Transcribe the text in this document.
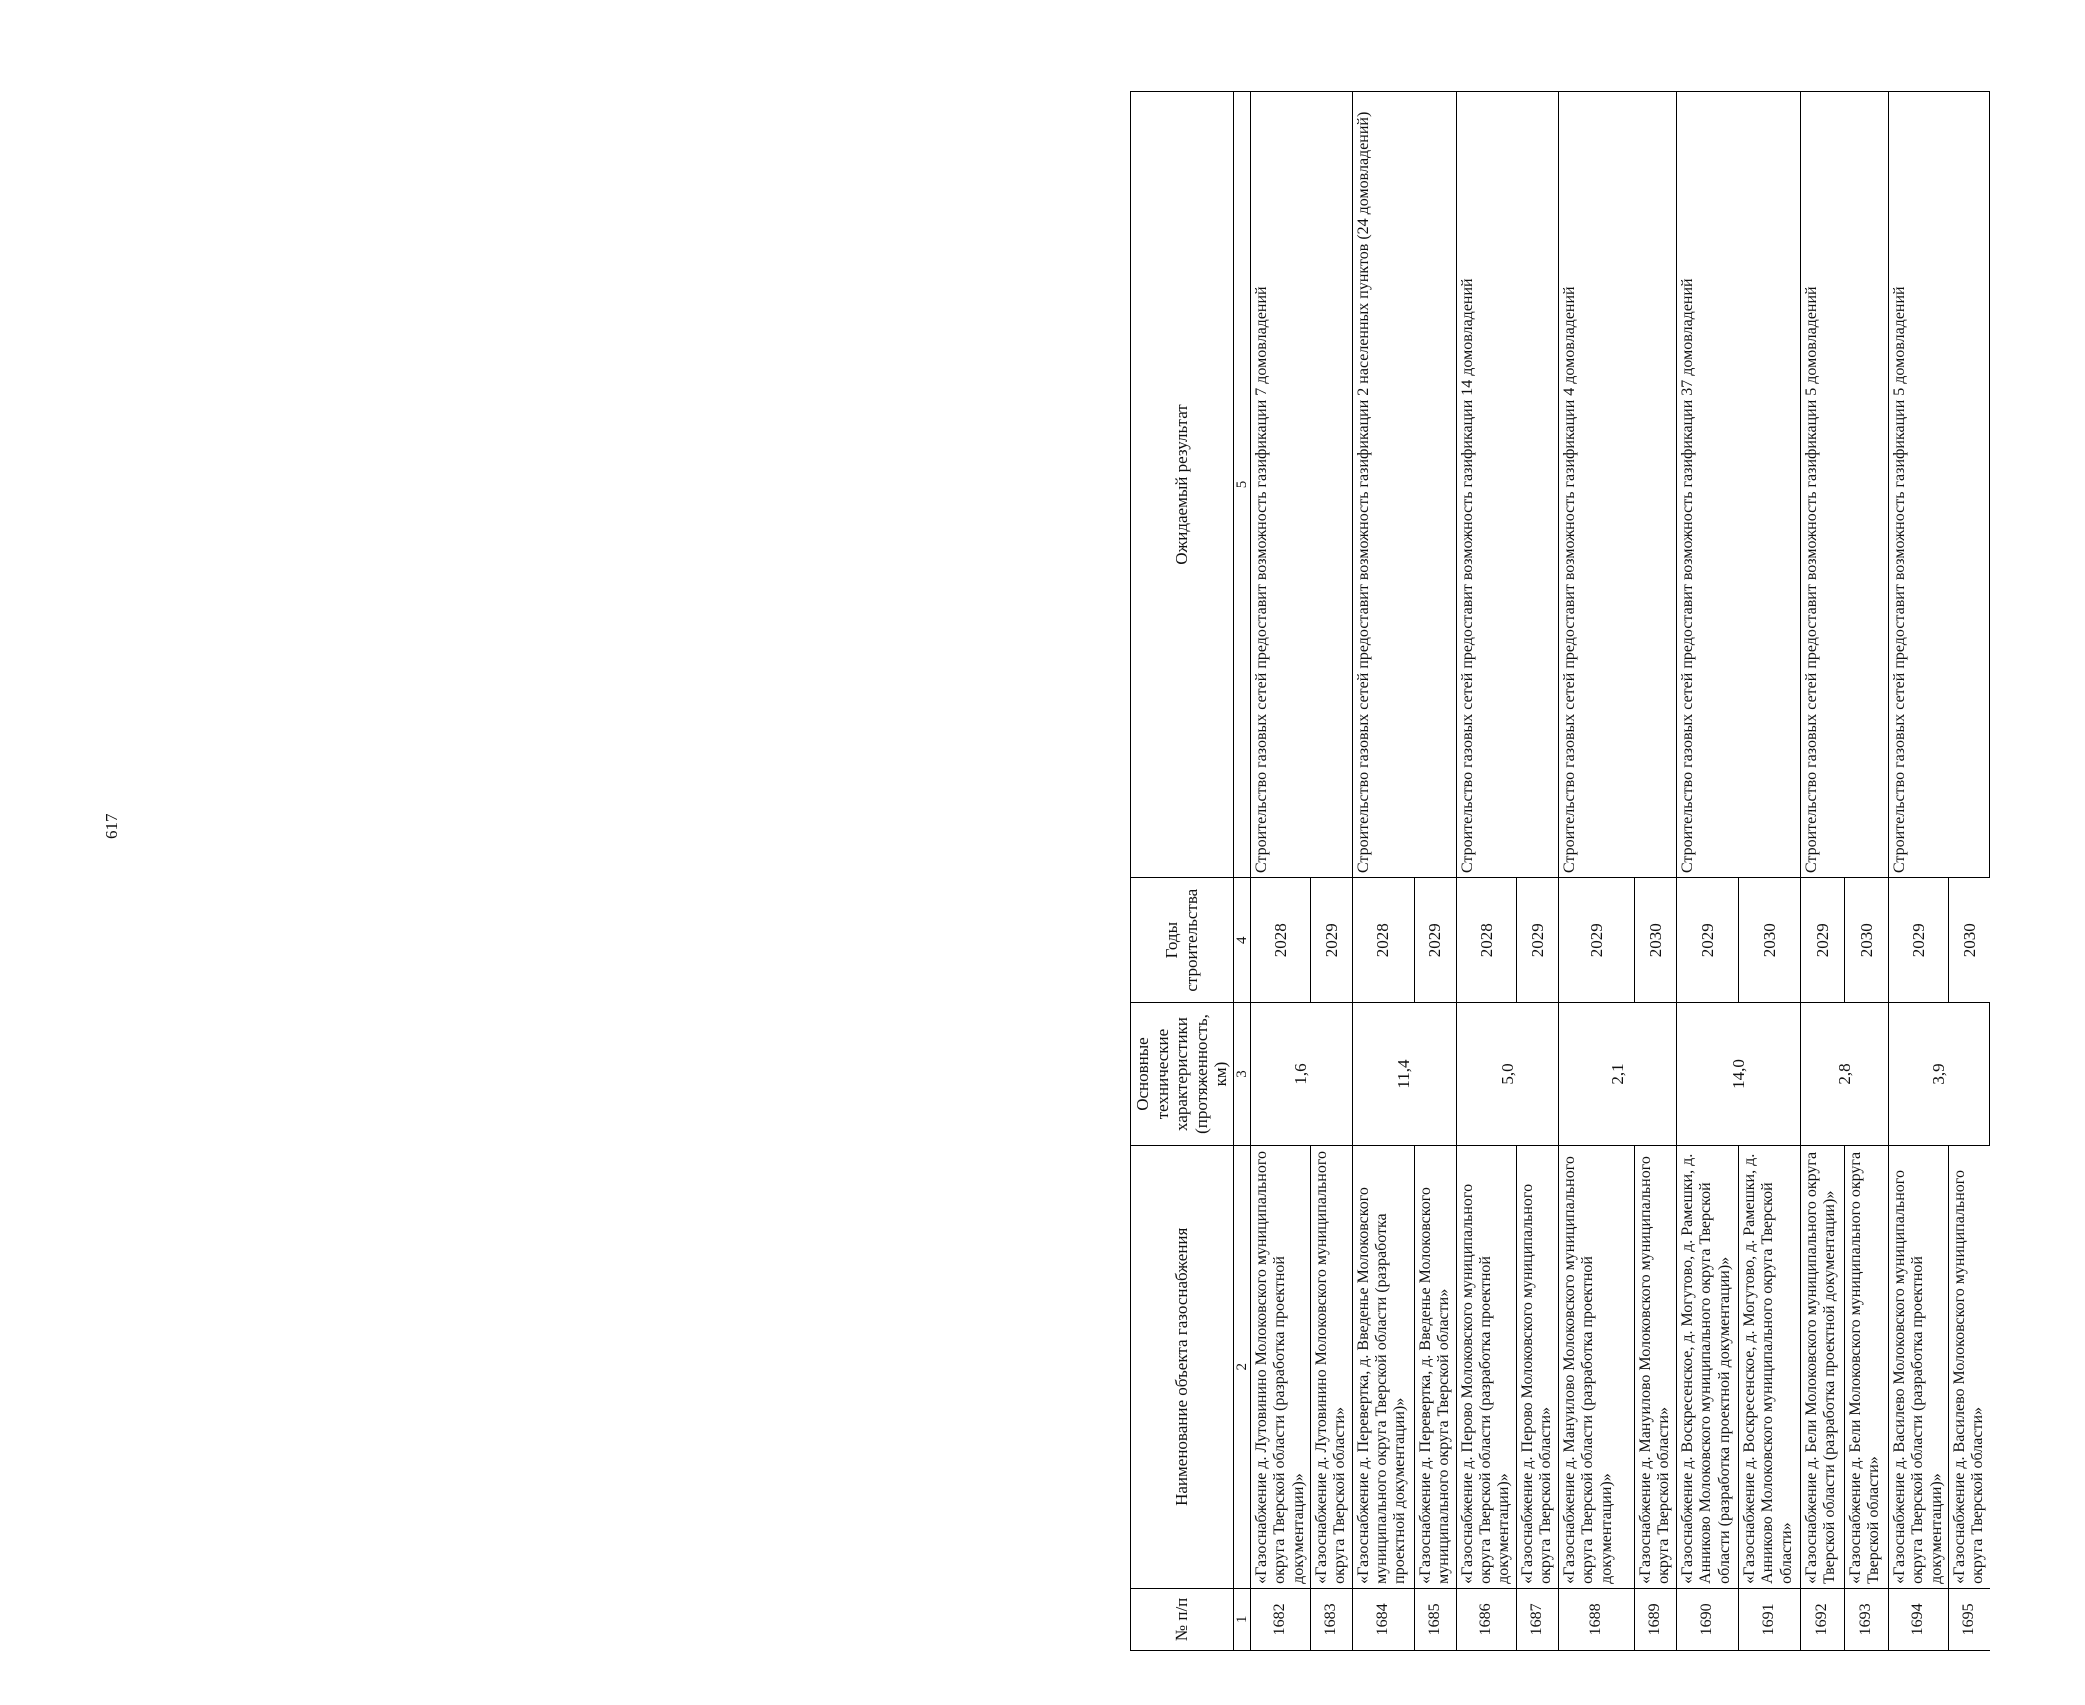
617
№ п/п	Наименование объекта газоснабжения	Основные технические характеристики (протяженность, км)	Годы строительства	Ожидаемый результат
1	2	3	4	5
1682	«Газоснабжение д. Лутовинино Молоковского муниципального округа Тверской области (разработка проектной документации)»	1,6	2028	Строительство газовых сетей предоставит возможность газификации 7 домовладений
1683	«Газоснабжение д. Лутовинино Молоковского муниципального округа Тверской области»		2029	
1684	«Газоснабжение д. Перевертка, д. Введенье Молоковского муниципального округа Тверской области (разработка проектной документации)»	11,4	2028	Строительство газовых сетей предоставит возможность газификации 2 населенных пунктов (24 домовладений)
1685	«Газоснабжение д. Перевертка, д. Введенье Молоковского муниципального округа Тверской области»		2029	
1686	«Газоснабжение д. Перово Молоковского муниципального округа Тверской области (разработка проектной документации)»	5,0	2028	Строительство газовых сетей предоставит возможность газификации 14 домовладений
1687	«Газоснабжение д. Перово Молоковского муниципального округа Тверской области»		2029	
1688	«Газоснабжение д. Мануилово Молоковского муниципального округа Тверской области (разработка проектной документации)»	2,1	2029	Строительство газовых сетей предоставит возможность газификации 4 домовладений
1689	«Газоснабжение д. Мануилово Молоковского муниципального округа Тверской области»		2030	
1690	«Газоснабжение д. Воскресенское, д. Могутово, д. Рамешки, д. Анниково Молоковского муниципального округа Тверской области (разработка проектной документации)»	14,0	2029	Строительство газовых сетей предоставит возможность газификации 37 домовладений
1691	«Газоснабжение д. Воскресенское, д. Могутово, д. Рамешки, д. Анниково Молоковского муниципального округа Тверской области»		2030	
1692	«Газоснабжение д. Бели Молоковского муниципального округа Тверской области (разработка проектной документации)»	2,8	2029	Строительство газовых сетей предоставит возможность газификации 5 домовладений
1693	«Газоснабжение д. Бели Молоковского муниципального округа Тверской области»		2030	
1694	«Газоснабжение д. Василево Молоковского муниципального округа Тверской области (разработка проектной документации)»	3,9	2029	Строительство газовых сетей предоставит возможность газификации 5 домовладений
1695	«Газоснабжение д. Василево Молоковского муниципального округа Тверской области»		2030	
